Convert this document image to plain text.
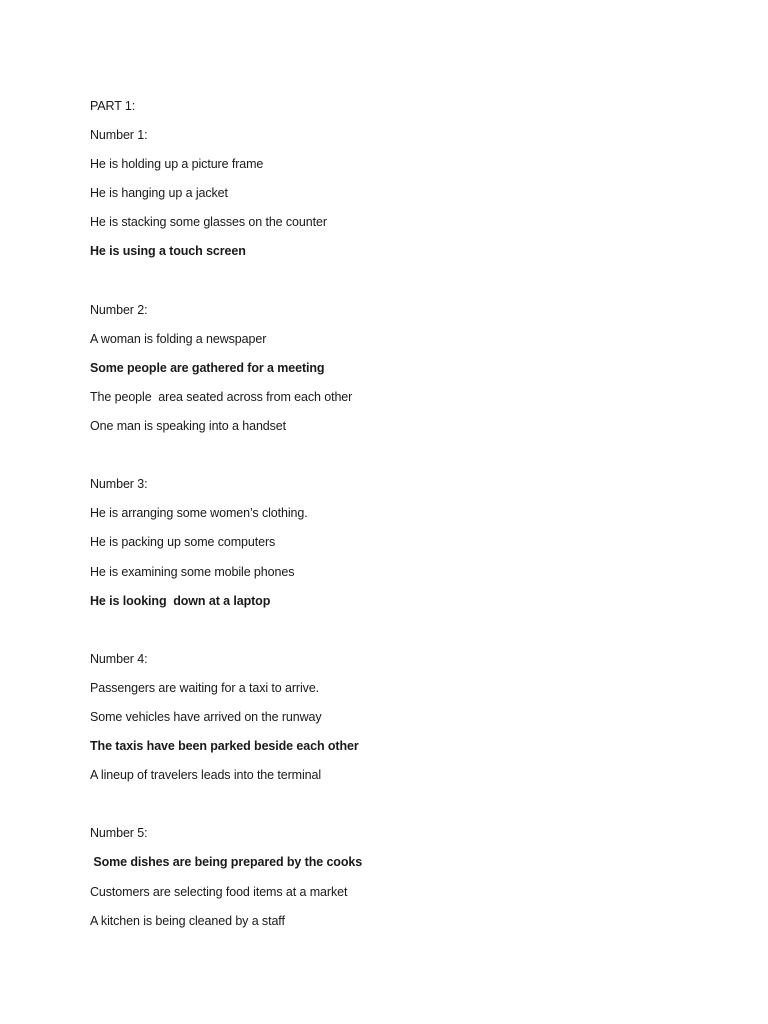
PART 1:
Number 1:
He is holding up a picture frame
He is hanging up a jacket
He is stacking some glasses on the counter
He is using a touch screen
Number 2:
A woman is folding a newspaper
Some people are gathered for a meeting
The people  area seated across from each other
One man is speaking into a handset
Number 3:
He is arranging some women’s clothing.
He is packing up some computers
He is examining some mobile phones
He is looking  down at a laptop
Number 4:
Passengers are waiting for a taxi to arrive.
Some vehicles have arrived on the runway
The taxis have been parked beside each other
A lineup of travelers leads into the terminal
Number 5:
Some dishes are being prepared by the cooks
Customers are selecting food items at a market
A kitchen is being cleaned by a staff
